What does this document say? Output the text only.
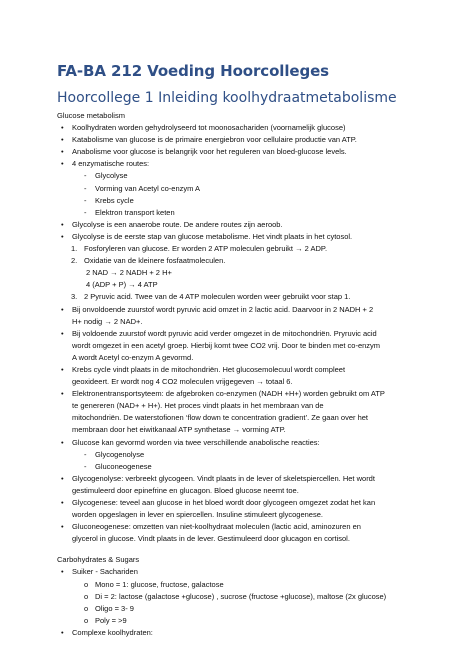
FA-BA 212 Voeding Hoorcolleges
Hoorcollege 1 Inleiding koolhydraatmetabolisme
Glucose metabolism
• Koolhydraten worden gehydrolyseerd tot moonosachariden (voornamelijk glucose)
• Katabolisme van glucose is de primaire energiebron voor cellulaire productie van ATP.
• Anabolisme voor glucose is belangrijk voor het reguleren van bloed-glucose levels.
• 4 enzymatische routes:
- Glycolyse
- Vorming van Acetyl co-enzym A
- Krebs cycle
- Elektron transport keten
• Glycolyse is een anaerobe route. De andere routes zijn aeroob.
• Glycolyse is de eerste stap van glucose metabolisme. Het vindt plaats in het cytosol.
1. Fosforyleren van glucose. Er worden 2 ATP moleculen gebruikt → 2 ADP.
2. Oxidatie van de kleinere fosfaatmoleculen.
2 NAD → 2 NADH + 2 H+
4 (ADP + P) → 4 ATP
3. 2 Pyruvic acid. Twee van de 4 ATP moleculen worden weer gebruikt voor stap 1.
• Bij onvoldoende zuurstof wordt pyruvic acid omzet in 2 lactic acid. Daarvoor in 2 NADH + 2
H+ nodig → 2 NAD+.
• Bij voldoende zuurstof wordt pyruvic acid verder omgezet in de mitochondriën. Pryruvic acid
wordt omgezet in een acetyl groep. Hierbij komt twee CO2 vrij. Door te binden met co-enzym
A wordt Acetyl co-enzym A gevormd.
• Krebs cycle vindt plaats in de mitochondriën. Het glucosemolecuul wordt compleet
geoxideert. Er wordt nog 4 CO2 moleculen vrijgegeven → totaal 6.
• Elektronentransportsyteem: de afgebroken co-enzymen (NADH +H+) worden gebruikt om ATP
te genereren (NAD+ + H+). Het proces vindt plaats in het membraan van de
mitochondriën. De waterstofionen ‘flow down te concentration gradient’. Ze gaan over het
membraan door het eiwitkanaal ATP synthetase → vorming ATP.
• Glucose kan gevormd worden via twee verschillende anabolische reacties:
- Glycogenolyse
- Gluconeogenese
• Glycogenolyse: verbreekt glycogeen. Vindt plaats in de lever of skeletspiercellen. Het wordt
gestimuleerd door epinefrine en glucagon. Bloed glucose neemt toe.
• Glycogenese: teveel aan glucose in het bloed wordt door glycogeen omgezet zodat het kan
worden opgeslagen in lever en spiercellen. Insuline stimuleert glycogenese.
• Gluconeogenese: omzetten van niet-koolhydraat moleculen (lactic acid, aminozuren en
glycerol in glucose. Vindt plaats in de lever. Gestimuleerd door glucagon en cortisol.
Carbohydrates & Sugars
• Suiker - Sachariden
o Mono = 1: glucose, fructose, galactose
o Di = 2: lactose (galactose +glucose) , sucrose (fructose +glucose), maltose (2x glucose)
o Oligo = 3- 9
o Poly = >9
• Complexe koolhydraten:
